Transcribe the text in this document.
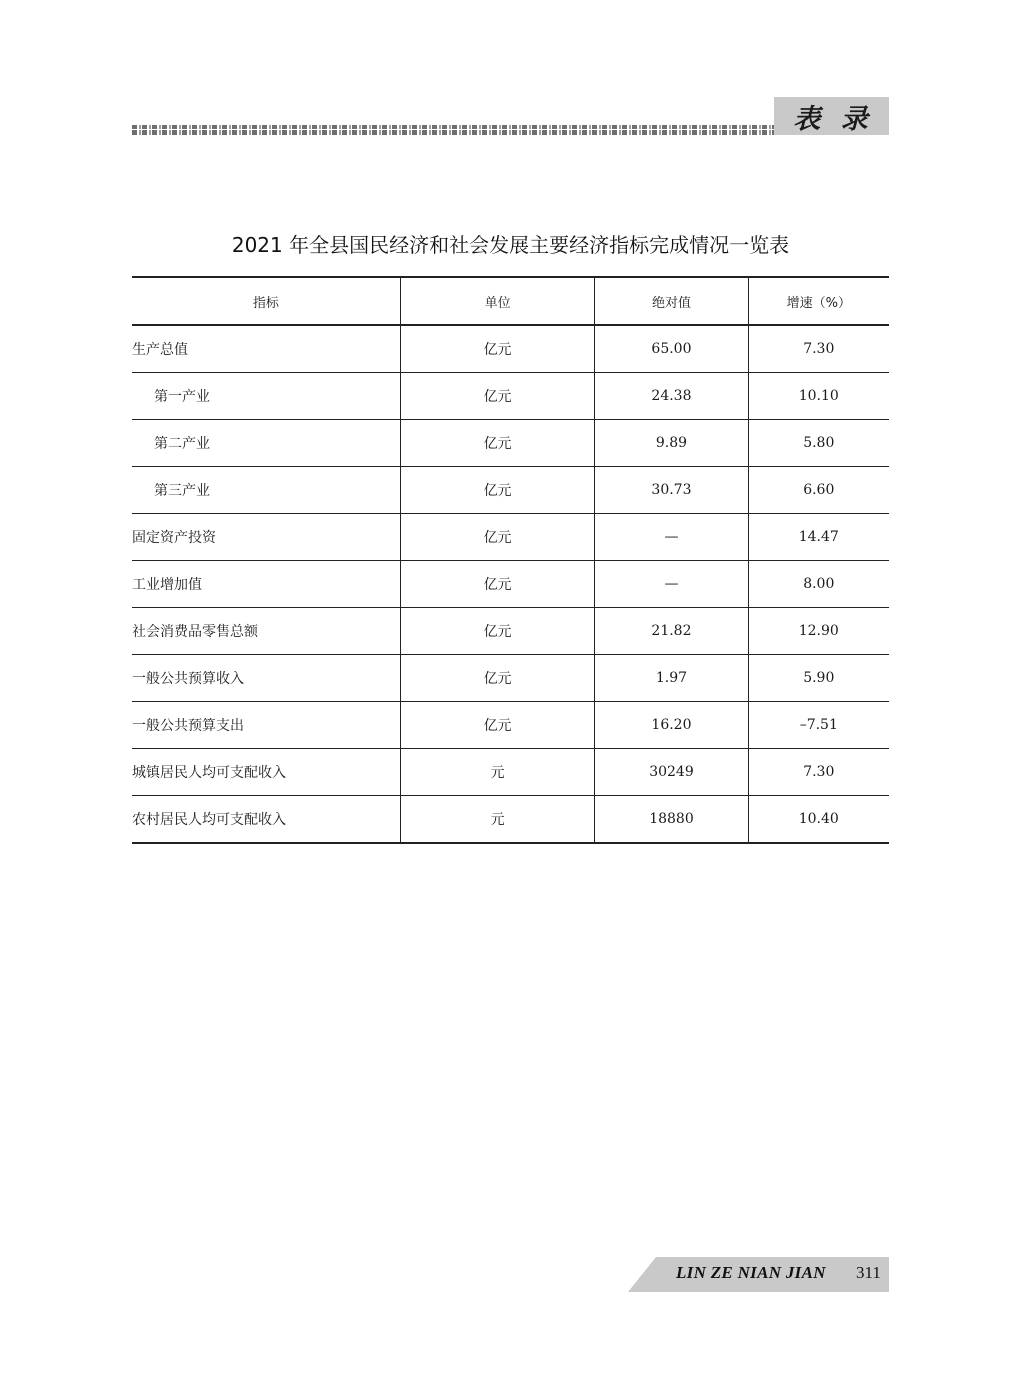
表 录
2021 年全县国民经济和社会发展主要经济指标完成情况一览表
指标	单位	绝对值	增速（%）
生产总值	亿元	65.00	7.30
第一产业	亿元	24.38	10.10
第二产业	亿元	9.89	5.80
第三产业	亿元	30.73	6.60
固定资产投资	亿元	—	14.47
工业增加值	亿元	—	8.00
社会消费品零售总额	亿元	21.82	12.90
一般公共预算收入	亿元	1.97	5.90
一般公共预算支出	亿元	16.20	–7.51
城镇居民人均可支配收入	元	30249	7.30
农村居民人均可支配收入	元	18880	10.40
LIN ZE NIAN JIAN 311
